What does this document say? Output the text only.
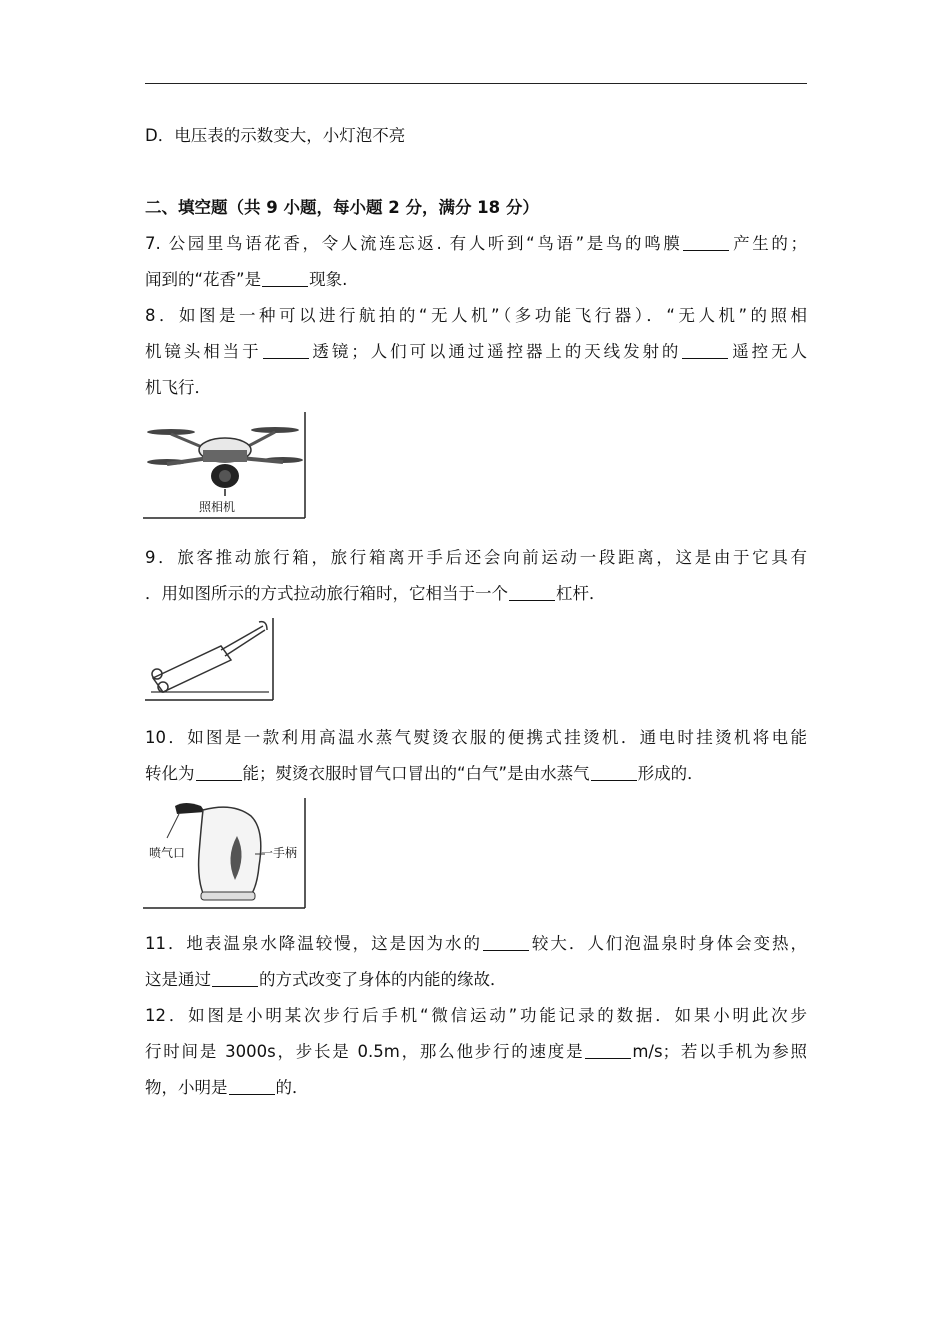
D．电压表的示数变大，小灯泡不亮
二、填空题（共 9 小题，每小题 2 分，满分 18 分）
7. 公园里鸟语花香，令人流连忘返. 有人听到“鸟语”是鸟的鸣膜	产生的；
闻到的“花香”是	现象.
8．如图是一种可以进行航拍的“无人机”（多功能飞行器）．“无人机”的照相
机镜头相当于	透镜；人们可以通过遥控器上的天线发射的	遥控无人
机飞行．
照相机
9．旅客推动旅行箱，旅行箱离开手后还会向前运动一段距离，这是由于它具有
．用如图所示的方式拉动旅行箱时，它相当于一个	杠杆．
10．如图是一款利用高温水蒸气熨烫衣服的便携式挂烫机．通电时挂烫机将电能
转化为	能；熨烫衣服时冒气口冒出的“白气”是由水蒸气	形成的．
喷气口	一手柄
11．地表温泉水降温较慢，这是因为水的	较大．人们泡温泉时身体会变热，
这是通过	的方式改变了身体的内能的缘故．
12．如图是小明某次步行后手机“微信运动”功能记录的数据．如果小明此次步
行时间是 3000s，步长是 0.5m，那么他步行的速度是	m/s；若以手机为参照
物，小明是	的．
